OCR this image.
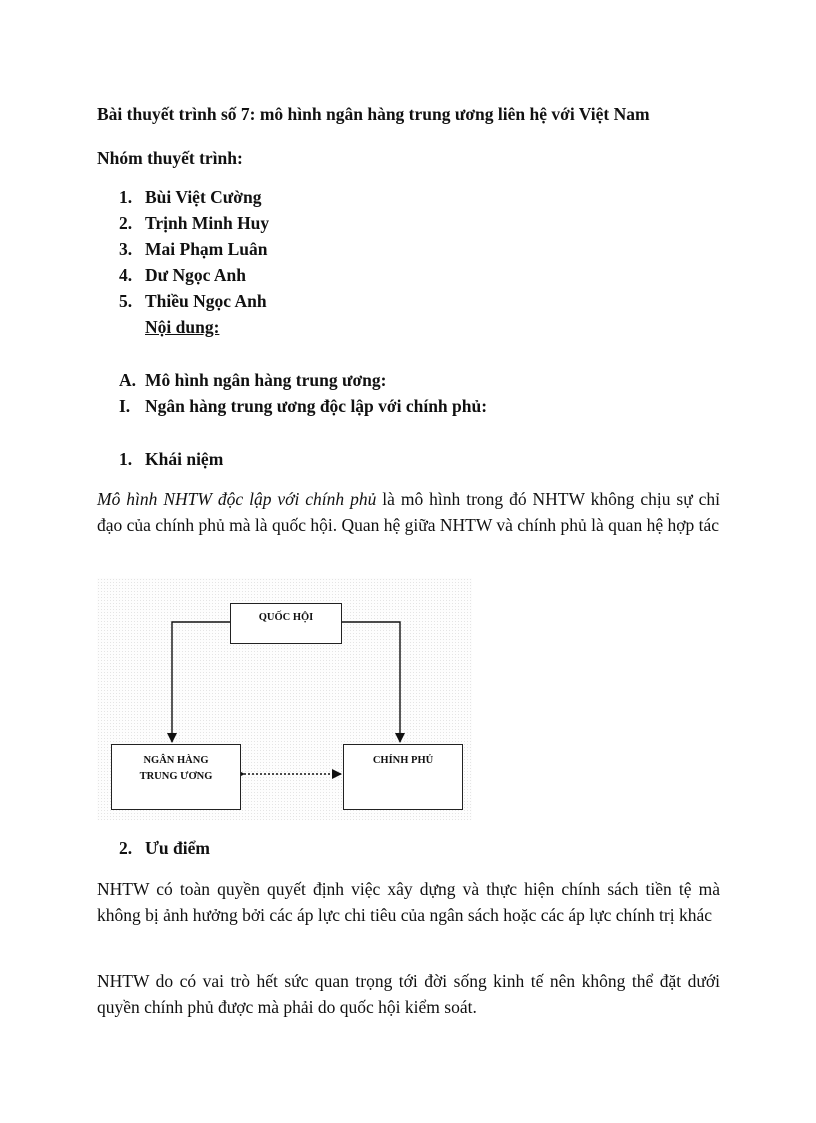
Bài thuyết trình số 7: mô hình ngân hàng trung ương liên hệ với Việt Nam
Nhóm thuyết trình:
1. Bùi Việt Cường
2. Trịnh Minh Huy
3. Mai Phạm Luân
4. Dư Ngọc Anh
5. Thiều Ngọc Anh
Nội dung:
A. Mô hình ngân hàng trung ương:
I. Ngân hàng trung ương độc lập với chính phủ:
1. Khái niệm

Mô hình NHTW độc lập với chính phủ là mô hình trong đó NHTW không chịu sự chỉ đạo của chính phủ mà là quốc hội. Quan hệ giữa NHTW và chính phủ là quan hệ hợp tác

QUỐC HỘI
NGÂN HÀNG
TRUNG ƯƠNG
CHÍNH PHỦ
2. Ưu điểm

NHTW có toàn quyền quyết định việc xây dựng và thực hiện chính sách tiền tệ mà không bị ảnh hưởng bởi các áp lực chi tiêu của ngân sách hoặc các áp lực chính trị khác

NHTW do có vai trò hết sức quan trọng tới đời sống kinh tế nên không thể đặt dưới quyền chính phủ được mà phải do quốc hội kiểm soát.
